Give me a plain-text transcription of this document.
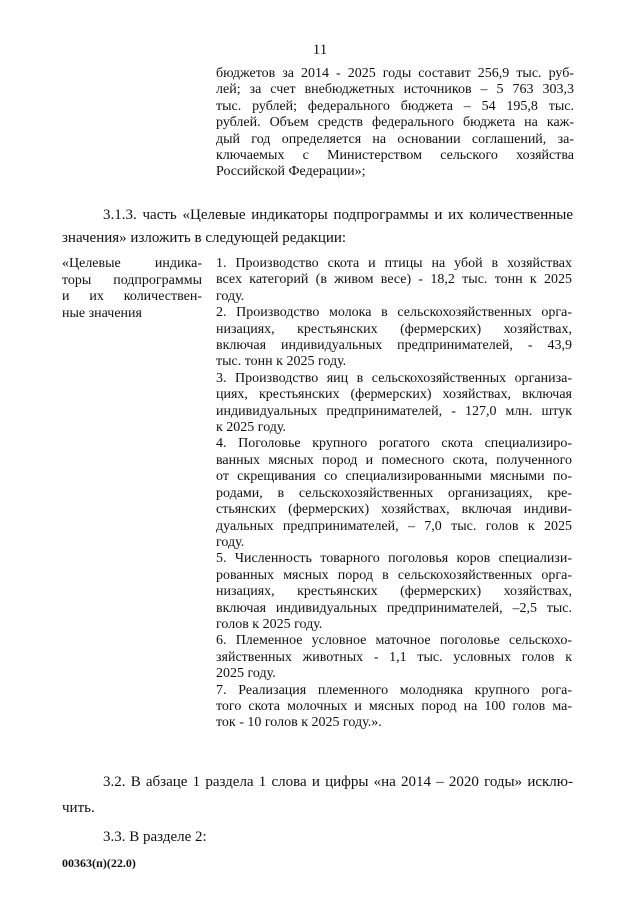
11
бюджетов за 2014 - 2025 годы составит 256,9 тыс. руб-
лей; за счет внебюджетных источников – 5 763 303,3
тыс. рублей; федерального бюджета – 54 195,8 тыс.
рублей. Объем средств федерального бюджета на каж-
дый год определяется на основании соглашений, за-
ключаемых с Министерством сельского хозяйства
Российской Федерации»;
3.1.3. часть «Целевые индикаторы подпрограммы и их количественные
значения» изложить в следующей редакции:
«Целевые индика-
торы подпрограммы
и их количествен-
ные значения
1. Производство скота и птицы на убой в хозяйствах
всех категорий (в живом весе) - 18,2 тыс. тонн к 2025
году.
2. Производство молока в сельскохозяйственных орга-
низациях, крестьянских (фермерских) хозяйствах,
включая индивидуальных предпринимателей, - 43,9
тыс. тонн к 2025 году.
3. Производство яиц в сельскохозяйственных организа-
циях, крестьянских (фермерских) хозяйствах, включая
индивидуальных предпринимателей, - 127,0 млн. штук
к 2025 году.
4. Поголовье крупного рогатого скота специализиро-
ванных мясных пород и помесного скота, полученного
от скрещивания со специализированными мясными по-
родами, в сельскохозяйственных организациях, кре-
стьянских (фермерских) хозяйствах, включая индиви-
дуальных предпринимателей, – 7,0 тыс. голов к 2025
году.
5. Численность товарного поголовья коров специализи-
рованных мясных пород в сельскохозяйственных орга-
низациях, крестьянских (фермерских) хозяйствах,
включая индивидуальных предпринимателей, –2,5 тыс.
голов к 2025 году.
6. Племенное условное маточное поголовье сельскохо-
зяйственных животных - 1,1 тыс. условных голов к
2025 году.
7. Реализация племенного молодняка крупного рога-
того скота молочных и мясных пород на 100 голов ма-
ток - 10 голов к 2025 году.».
3.2. В абзаце 1 раздела 1 слова и цифры «на 2014 – 2020 годы» исклю-
чить.
3.3. В разделе 2:
00363(п)(22.0)
